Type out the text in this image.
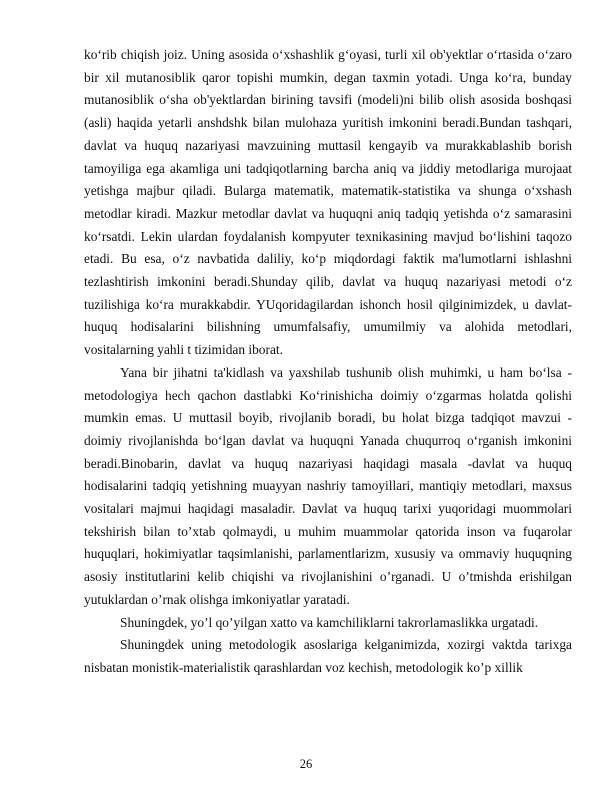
ko‘rib chiqish joiz. Uning asosida o‘xshashlik g‘oyasi, turli xil ob'yektlar o‘rtasida o‘zaro bir xil mutanosiblik qaror topishi mumkin, degan taxmin yotadi. Unga ko‘ra, bunday mutanosiblik o‘sha ob'yektlardan birining tavsifi (modeli)ni bilib olish asosida boshqasi (asli) haqida yetarli anshdshk bilan mulohaza yuritish imkonini beradi.Bundan tashqari, davlat va huquq nazariyasi mavzuining muttasil kengayib va murakkablashib borish tamoyiliga ega akamliga uni tadqiqotlarning barcha aniq va jiddiy metodlariga murojaat yetishga majbur qiladi. Bularga matematik, matematik-statistika va shunga o‘xshash metodlar kiradi. Mazkur metodlar davlat va huquqni aniq tadqiq yetishda o‘z samarasini ko‘rsatdi. Lekin ulardan foydalanish kompyuter texnikasining mavjud bo‘lishini taqozo etadi. Bu esa, o‘z navbatida daliliy, ko‘p miqdordagi faktik ma'lumotlarni ishlashni tezlashtirish imkonini beradi.Shunday qilib, davlat va huquq nazariyasi metodi o‘z tuzilishiga ko‘ra murakkabdir. YUqoridagilardan ishonch hosil qilginimizdek, u davlat-huquq hodisalarini bilishning umumfalsafiy, umumilmiy va alohida metodlari, vositalarning yahli t tizimidan iborat.

Yana bir jihatni ta'kidlash va yaxshilab tushunib olish muhimki, u ham bo‘lsa - metodologiya hech qachon dastlabki Ko‘rinishicha doimiy o‘zgarmas holatda qolishi mumkin emas. U muttasil boyib, rivojlanib boradi, bu holat bizga tadqiqot mavzui - doimiy rivojlanishda bo‘lgan davlat va huquqni Yanada chuqurroq o‘rganish imkonini beradi.Binobarin, davlat va huquq nazariyasi haqidagi masala -davlat va huquq hodisalarini tadqiq yetishning muayyan nashriy tamoyillari, mantiqiy metodlari, maxsus vositalari majmui haqidagi masaladir. Davlat va huquq tarixi yuqoridagi muommolari tekshirish bilan to’xtab qolmaydi, u muhim muammolar qatorida inson va fuqarolar huquqlari, hokimiyatlar taqsimlanishi, parlamentlarizm, xususiy va ommaviy huquqning asosiy institutlarini kelib chiqishi va rivojlanishini o’rganadi. U o’tmishda erishilgan yutuklardan o’rnak olishga imkoniyatlar yaratadi.

Shuningdek, yo’l qo’yilgan xatto va kamchiliklarni takrorlamaslikka urgatadi.

Shuningdek uning metodologik asoslariga kelganimizda, xozirgi vaktda tarixga nisbatan monistik-materialistik qarashlardan voz kechish, metodologik ko’p xillik

26
